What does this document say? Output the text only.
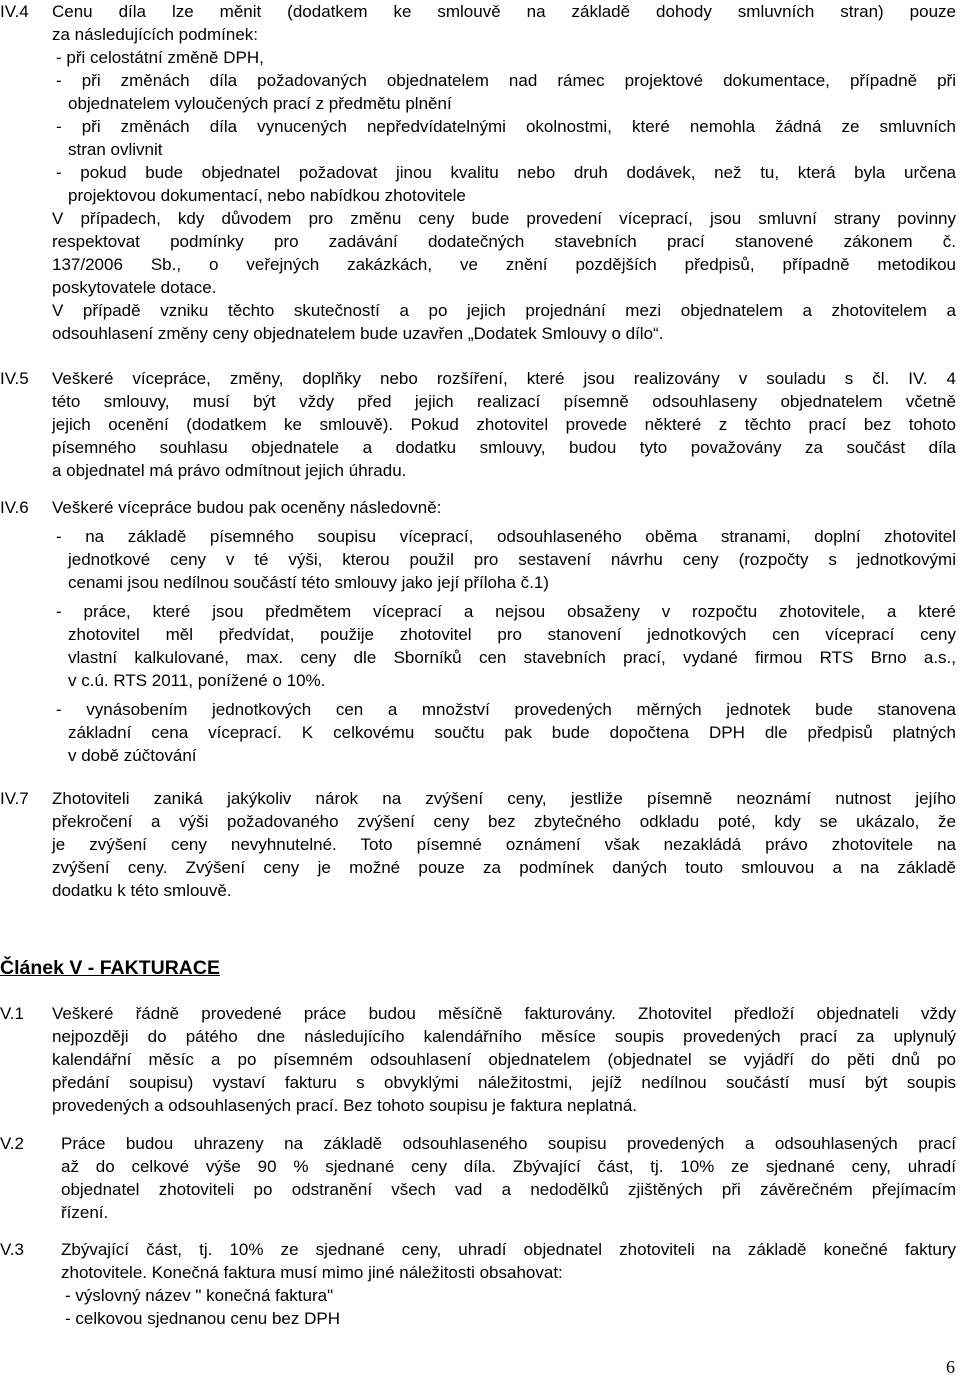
IV.4 Cenu díla lze měnit (dodatkem ke smlouvě na základě dohody smluvních stran) pouze
za následujících podmínek:
- při celostátní změně DPH,
- při změnách díla požadovaných objednatelem nad rámec projektové dokumentace, případně při
objednatelem vyloučených prací z předmětu plnění
- při změnách díla vynucených nepředvídatelnými okolnostmi, které nemohla žádná ze smluvních
stran ovlivnit
- pokud bude objednatel požadovat jinou kvalitu nebo druh dodávek, než tu, která byla určena
projektovou dokumentací, nebo nabídkou zhotovitele
V případech, kdy důvodem pro změnu ceny bude provedení víceprací, jsou smluvní strany povinny
respektovat podmínky pro zadávání dodatečných stavebních prací stanovené zákonem č.
137/2006 Sb., o veřejných zakázkách, ve znění pozdějších předpisů, případně metodikou
poskytovatele dotace.
V případě vzniku těchto skutečností a po jejich projednání mezi objednatelem a zhotovitelem a
odsouhlasení změny ceny objednatelem bude uzavřen „Dodatek Smlouvy o dílo“.
IV.5 Veškeré vícepráce, změny, doplňky nebo rozšíření, které jsou realizovány v souladu s čl. IV. 4
této smlouvy, musí být vždy před jejich realizací písemně odsouhlaseny objednatelem včetně
jejich ocenění (dodatkem ke smlouvě). Pokud zhotovitel provede některé z těchto prací bez tohoto
písemného souhlasu objednatele a dodatku smlouvy, budou tyto považovány za součást díla
a objednatel má právo odmítnout jejich úhradu.
IV.6 Veškeré vícepráce budou pak oceněny následovně:
- na základě písemného soupisu víceprací, odsouhlaseného oběma stranami, doplní zhotovitel
jednotkové ceny v té výši, kterou použil pro sestavení návrhu ceny (rozpočty s jednotkovými
cenami jsou nedílnou součástí této smlouvy jako její příloha č.1)
- práce, které jsou předmětem víceprací a nejsou obsaženy v rozpočtu zhotovitele, a které
zhotovitel měl předvídat, použije zhotovitel pro stanovení jednotkových cen víceprací ceny
vlastní kalkulované, max. ceny dle Sborníků cen stavebních prací, vydané firmou RTS Brno a.s.,
v c.ú. RTS 2011, ponížené o 10%.
- vynásobením jednotkových cen a množství provedených měrných jednotek bude stanovena
základní cena víceprací. K celkovému součtu pak bude dopočtena DPH dle předpisů platných
v době zúčtování
IV.7 Zhotoviteli zaniká jakýkoliv nárok na zvýšení ceny, jestliže písemně neoznámí nutnost jejího
překročení a výši požadovaného zvýšení ceny bez zbytečného odkladu poté, kdy se ukázalo, že
je zvýšení ceny nevyhnutelné. Toto písemné oznámení však nezakládá právo zhotovitele na
zvýšení ceny. Zvýšení ceny je možné pouze za podmínek daných touto smlouvou a na základě
dodatku k této smlouvě.
Článek V - FAKTURACE
V.1 Veškeré řádně provedené práce budou měsíčně fakturovány. Zhotovitel předloží objednateli vždy
nejpozději do pátého dne následujícího kalendářního měsíce soupis provedených prací za uplynulý
kalendářní měsíc a po písemném odsouhlasení objednatelem (objednatel se vyjádří do pěti dnů po
předání soupisu) vystaví fakturu s obvyklými náležitostmi, jejíž nedílnou součástí musí být soupis
provedených a odsouhlasených prací. Bez tohoto soupisu je faktura neplatná.
V.2 Práce budou uhrazeny na základě odsouhlaseného soupisu provedených a odsouhlasených prací
až do celkové výše 90 % sjednané ceny díla. Zbývající část, tj. 10% ze sjednané ceny, uhradí
objednatel zhotoviteli po odstranění všech vad a nedodělků zjištěných při závěrečném přejímacím
řízení.
V.3 Zbývající část, tj. 10% ze sjednané ceny, uhradí objednatel zhotoviteli na základě konečné faktury
zhotovitele. Konečná faktura musí mimo jiné náležitosti obsahovat:
- výslovný název " konečná faktura"
- celkovou sjednanou cenu bez DPH
6
